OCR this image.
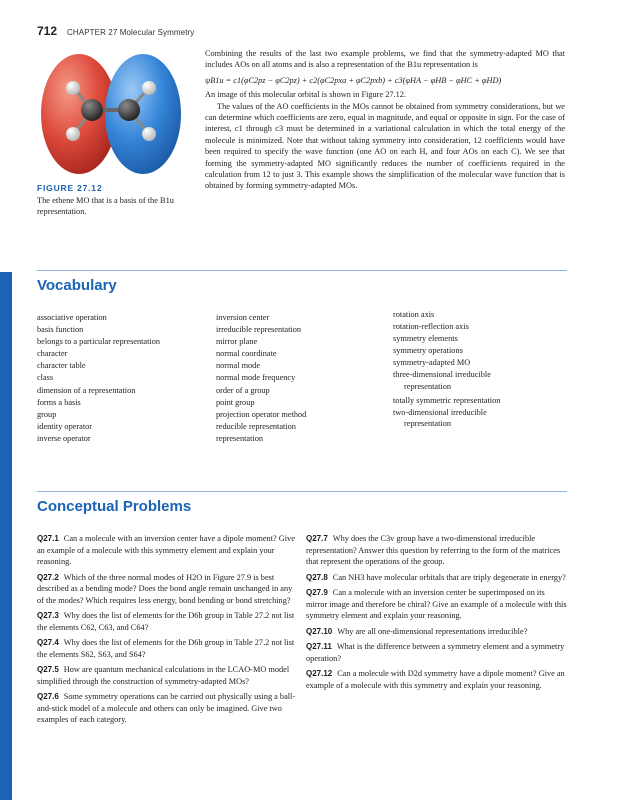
712 CHAPTER 27 Molecular Symmetry
FIGURE 27.12
The ethene MO that is a basis of the B1u representation.

Combining the results of the last two example problems, we find that the symmetry-adapted MO that includes AOs on all atoms and is also a representation of the B1u representation is

ψB1u = c1(φC2pz − φC2pz) + c2(φC2pxa + φC2pxb) + c3(φHA − φHB − φHC + φHD)

An image of this molecular orbital is shown in Figure 27.12.

The values of the AO coefficients in the MOs cannot be obtained from symmetry considerations, but we can determine which coefficients are zero, equal in magnitude, and equal or opposite in sign. For the case of interest, c1 through c3 must be determined in a variational calculation in which the total energy of the molecule is minimized. Note that without taking symmetry into consideration, 12 coefficients would have been required to specify the wave function (one AO on each H, and four AOs on each C). We see that forming the symmetry-adapted MO significantly reduces the number of coefficients required in the calculation from 12 to just 3. This example shows the simplification of the molecular wave function that is obtained by forming symmetry-adapted MOs.

Vocabulary
associative operation
basis function
belongs to a particular representation
character
character table
class
dimension of a representation
forms a basis
group
identity operator
inverse operator
inversion center
irreducible representation
mirror plane
normal coordinate
normal mode
normal mode frequency
order of a group
point group
projection operator method
reducible representation
representation
rotation axis
rotation-reflection axis
symmetry elements
symmetry operations
symmetry-adapted MO
three-dimensional irreducible
representation
totally symmetric representation
two-dimensional irreducible
representation
Conceptual Problems
Q27.1 Can a molecule with an inversion center have a dipole moment? Give an example of a molecule with this symmetry element and explain your reasoning.
Q27.2 Which of the three normal modes of H2O in Figure 27.9 is best described as a bending mode? Does the bond angle remain unchanged in any of the modes? Which requires less energy, bond bending or bond stretching?
Q27.3 Why does the list of elements for the D6h group in Table 27.2 not list the elements C62, C63, and C64?
Q27.4 Why does the list of elements for the D6h group in Table 27.2 not list the elements S62, S63, and S64?
Q27.5 How are quantum mechanical calculations in the LCAO-MO model simplified through the construction of symmetry-adapted MOs?
Q27.6 Some symmetry operations can be carried out physically using a ball-and-stick model of a molecule and others can only be imagined. Give two examples of each category.
Q27.7 Why does the C3v group have a two-dimensional irreducible representation? Answer this question by referring to the form of the matrices that represent the operations of the group.
Q27.8 Can NH3 have molecular orbitals that are triply degenerate in energy?
Q27.9 Can a molecule with an inversion center be superimposed on its mirror image and therefore be chiral? Give an example of a molecule with this symmetry element and explain your reasoning.
Q27.10 Why are all one-dimensional representations irreducible?
Q27.11 What is the difference between a symmetry element and a symmetry operation?
Q27.12 Can a molecule with D2d symmetry have a dipole moment? Give an example of a molecule with this symmetry and explain your reasoning.
